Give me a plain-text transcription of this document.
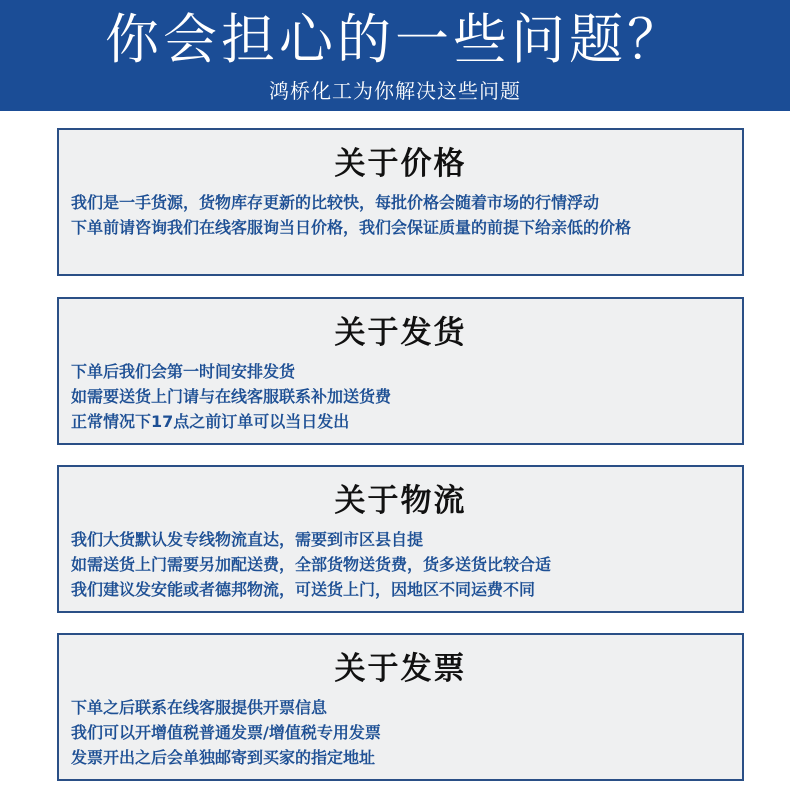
你会担心的一些问题？
鸿桥化工为你解决这些问题
关于价格
我们是一手货源，货物库存更新的比较快，每批价格会随着市场的行情浮动
下单前请咨询我们在线客服询当日价格，我们会保证质量的前提下给亲低的价格
关于发货
下单后我们会第一时间安排发货
如需要送货上门请与在线客服联系补加送货费
正常情况下17点之前订单可以当日发出
关于物流
我们大货默认发专线物流直达，需要到市区县自提
如需送货上门需要另加配送费，全部货物送货费，货多送货比较合适
我们建议发安能或者德邦物流，可送货上门，因地区不同运费不同
关于发票
下单之后联系在线客服提供开票信息
我们可以开增值税普通发票/增值税专用发票
发票开出之后会单独邮寄到买家的指定地址
